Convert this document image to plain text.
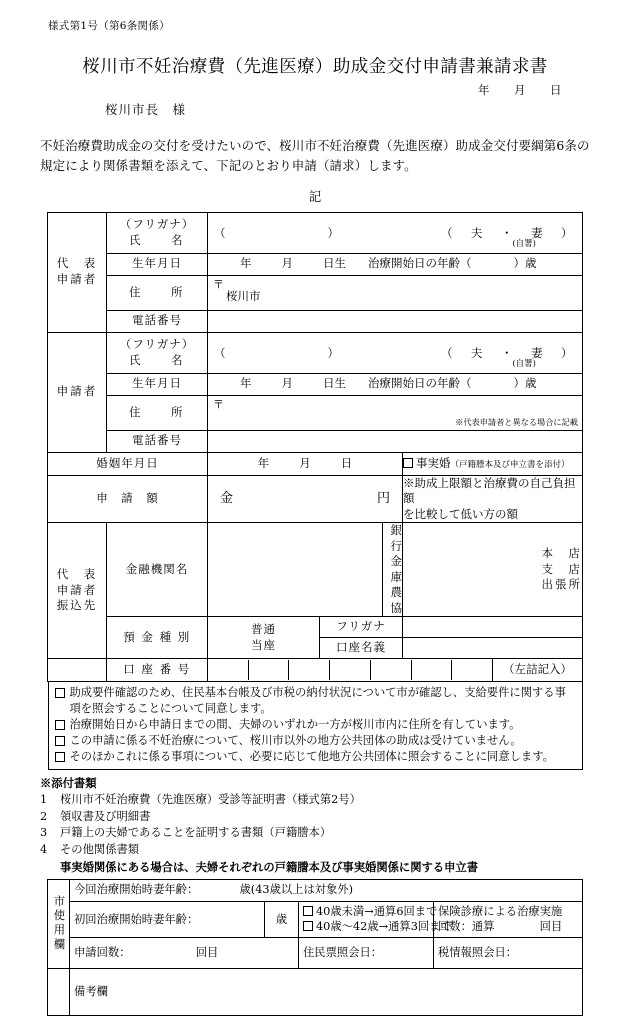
様式第1号（第6条関係）
桜川市不妊治療費（先進医療）助成金交付申請書兼請求書
年 月 日
桜川市長　様
不妊治療費助成金の交付を受けたいので、桜川市不妊治療費（先進医療）助成金交付要綱第6条の規定により関係書類を添えて、下記のとおり申請（請求）します。
記
代　表
申請者

（フリガナ）
氏　　名	（	）	（　夫　・　妻　）
(自署)

	生年月日	年 月 日生 治療開始日の年齢（ ）歳				

	住　　所	〒
桜川市				

	電話番号					
申請者	
（フリガナ）
氏　　名	（	）	（　夫　・　妻　）
(自署)

	生年月日	年 月 日生 治療開始日の年齢（ ）歳				

	住　　所	〒
※代表申請者と異なる場合に記載				

	電話番号					
婚姻年月日		年 月 日			事実婚（戸籍謄本及び申立書を添付）	
申　請　額	金	円

※助成上限額と治療費の自己負担額
を比較して低い方の額

代　表
申請者
振込先
	金融機関名		
銀行
金庫
農協

本　店
支　店
出張所

	預 金 種 別	普通
当座	フリガナ			
			口座名義			
	口 座 番 号					（左詰記入）
助成要件確認のため、住民基本台帳及び市税の納付状況について市が確認し、支給要件に関する事項を照会することについて同意します。
治療開始日から申請日までの間、夫婦のいずれか一方が桜川市内に住所を有しています。
この申請に係る不妊治療について、桜川市以外の地方公共団体の助成は受けていません。
そのほかこれに係る事項について、必要に応じて他地方公共団体に照会することに同意します。
※添付書類
1	桜川市不妊治療費（先進医療）受診等証明書（様式第2号）
2	領収書及び明細書
3	戸籍上の夫婦であることを証明する書類（戸籍謄本）
4	その他関係書類
事実婚関係にある場合は、夫婦それぞれの戸籍謄本及び事実婚関係に関する申立書
市使用欄	今回治療開始時妻年齢： 歳(43歳以上は対象外)			
初回治療開始時妻年齢：	歳	
40歳未満→通算6回まで
40歳～42歳→通算3回まで

保険診療による治療実施
回数：通算　　　　回目

	申請回数： 回目		住民票照会日：	税情報照会日：
	備考欄			
